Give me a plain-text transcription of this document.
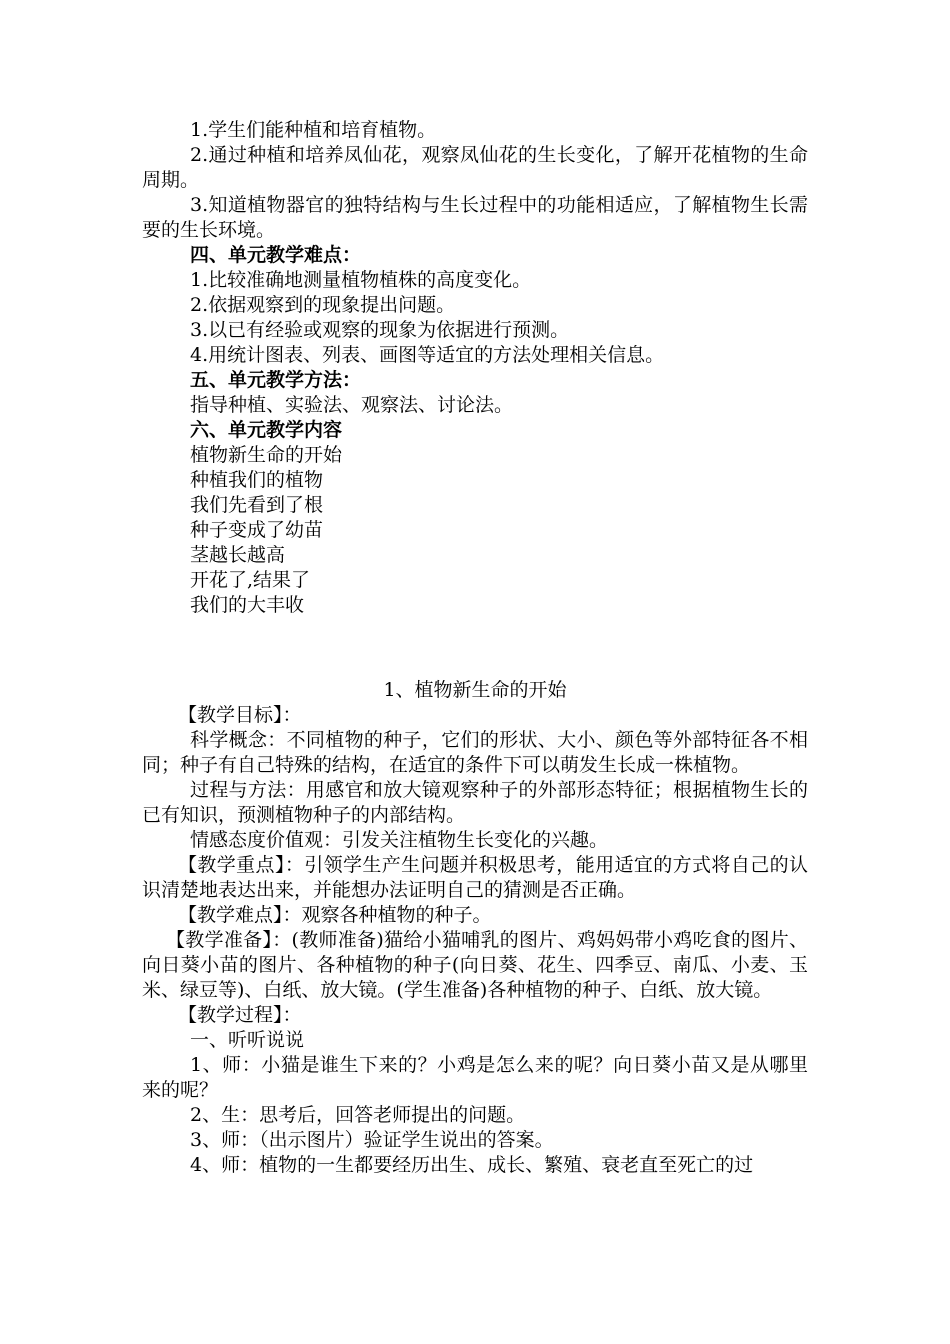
1.学生们能种植和培育植物。

2.通过种植和培养凤仙花，观察凤仙花的生长变化，了解开花植物的生命周期。

3.知道植物器官的独特结构与生长过程中的功能相适应，了解植物生长需要的生长环境。

四、单元教学难点：

1.比较准确地测量植物植株的高度变化。

2.依据观察到的现象提出问题。

3.以已有经验或观察的现象为依据进行预测。

4.用统计图表、列表、画图等适宜的方法处理相关信息。

五、单元教学方法：

指导种植、实验法、观察法、讨论法。

六、单元教学内容

植物新生命的开始

种植我们的植物

我们先看到了根

种子变成了幼苗

茎越长越高

开花了,结果了

我们的大丰收

1、植物新生命的开始

【教学目标】：

科学概念：不同植物的种子，它们的形状、大小、颜色等外部特征各不相同；种子有自己特殊的结构，在适宜的条件下可以萌发生长成一株植物。

过程与方法：用感官和放大镜观察种子的外部形态特征；根据植物生长的已有知识，预测植物种子的内部结构。

情感态度价值观：引发关注植物生长变化的兴趣。

【教学重点】：引领学生产生问题并积极思考，能用适宜的方式将自己的认识清楚地表达出来，并能想办法证明自己的猜测是否正确。

【教学难点】：观察各种植物的种子。

【教学准备】：(教师准备)猫给小猫哺乳的图片、鸡妈妈带小鸡吃食的图片、向日葵小苗的图片、各种植物的种子(向日葵、花生、四季豆、南瓜、小麦、玉米、绿豆等)、白纸、放大镜。(学生准备)各种植物的种子、白纸、放大镜。

【教学过程】：

一、听听说说

1、师：小猫是谁生下来的？小鸡是怎么来的呢？向日葵小苗又是从哪里来的呢？

2、生：思考后，回答老师提出的问题。

3、师：（出示图片）验证学生说出的答案。

4、师：植物的一生都要经历出生、成长、繁殖、衰老直至死亡的过
